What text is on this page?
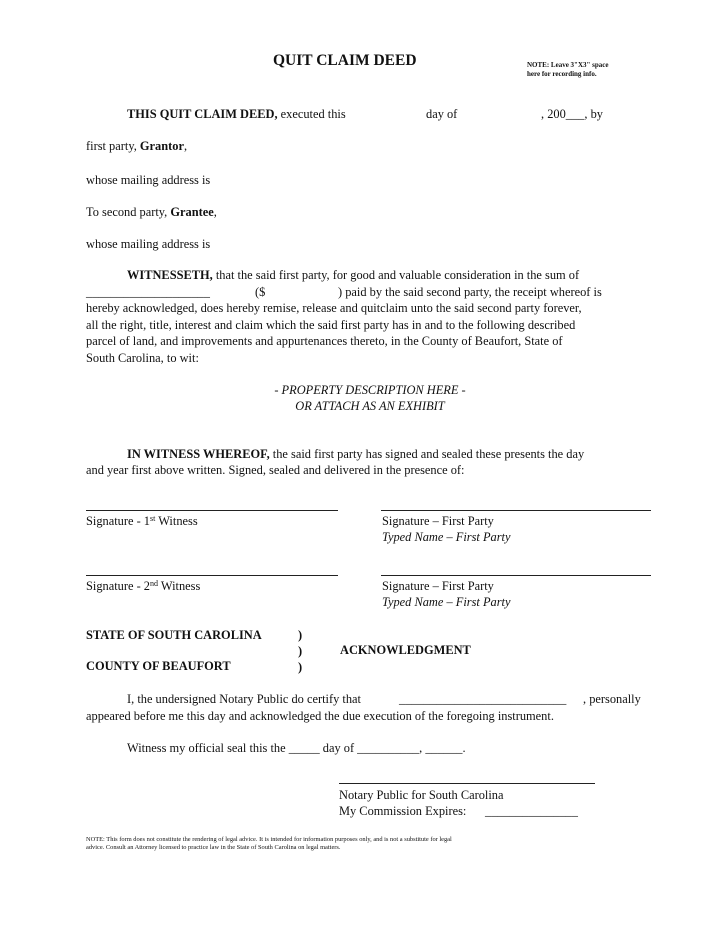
QUIT CLAIM DEED	NOTE: Leave 3"X3" space
here for recording info.
THIS QUIT CLAIM DEED, executed this	day of	, 200___, by
first party, Grantor,
whose mailing address is
To second party, Grantee,
whose mailing address is
WITNESSETH, that the said first party, for good and valuable consideration in the sum of
____________________	($	) paid by the said second party, the receipt whereof is
hereby acknowledged, does hereby remise, release and quitclaim unto the said second party forever,
all the right, title, interest and claim which the said first party has in and to the following described
parcel of land, and improvements and appurtenances thereto, in the County of Beaufort, State of
South Carolina, to wit:
- PROPERTY DESCRIPTION HERE -
OR ATTACH AS AN EXHIBIT
IN WITNESS WHEREOF, the said first party has signed and sealed these presents the day
and year first above written. Signed, sealed and delivered in the presence of:
Signature - 1st Witness	Signature – First Party
Typed Name – First Party
Signature - 2nd Witness	Signature – First Party
Typed Name – First Party
STATE OF SOUTH CAROLINA	)
)	ACKNOWLEDGMENT
COUNTY OF BEAUFORT	)
I, the undersigned Notary Public do certify that	___________________________ , personally
appeared before me this day and acknowledged the due execution of the foregoing instrument.
Witness my official seal this the _____ day of __________, ______.
Notary Public for South Carolina
My Commission Expires: _______________
NOTE: This form does not constitute the rendering of legal advice. It is intended for information purposes only, and is not a substitute for legal
advice. Consult an Attorney licensed to practice law in the State of South Carolina on legal matters.
